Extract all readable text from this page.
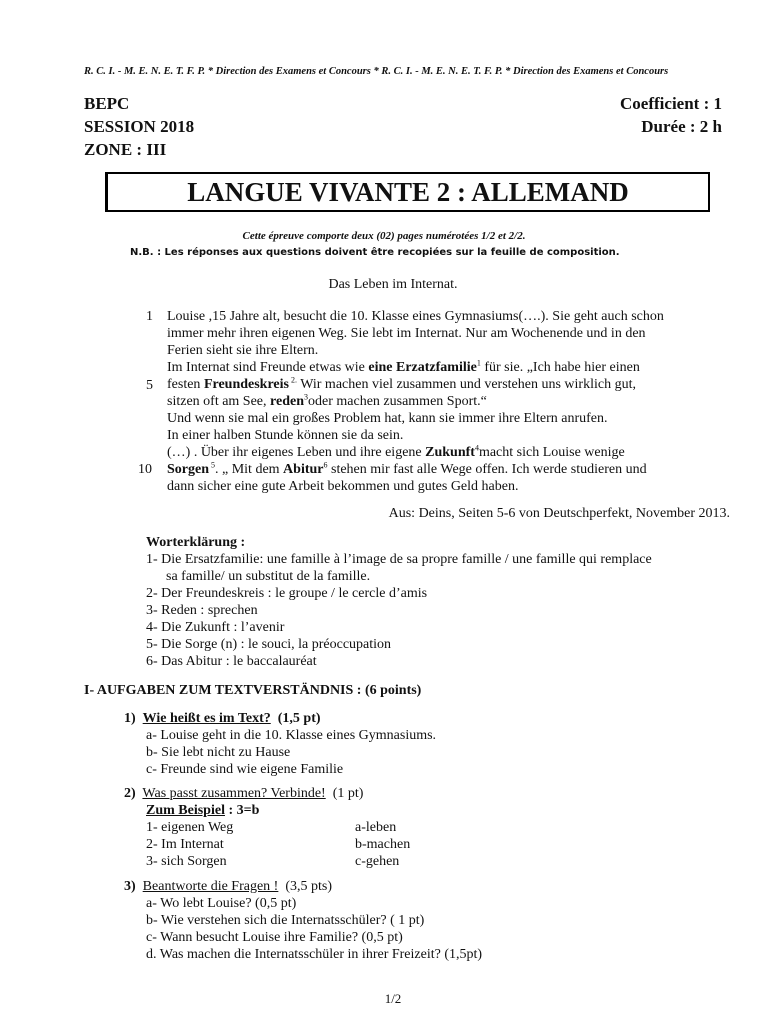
R. C. I. - M. E. N. E. T. F. P. * Direction des Examens et Concours * R. C. I. - M. E. N. E. T. F. P. * Direction des Examens et Concours
BEPC
SESSION 2018
ZONE : III
Coefficient : 1
Durée : 2 h
LANGUE VIVANTE 2 : ALLEMAND
Cette épreuve comporte deux (02) pages numérotées 1/2 et 2/2.
N.B. : Les réponses aux questions doivent être recopiées sur la feuille de composition.
Das Leben im Internat.
1
5
10
Louise ,15 Jahre alt, besucht die 10. Klasse eines Gymnasiums(….). Sie geht auch schon
immer mehr ihren eigenen Weg. Sie lebt im Internat. Nur am Wochenende und in den
Ferien sieht sie ihre Eltern.
Im Internat sind Freunde etwas wie eine Erzatzfamilie$^1$ für sie. „Ich habe hier einen
festen Freundeskreis $^{2.}$ Wir machen viel zusammen und verstehen uns wirklich gut,
sitzen oft am See, reden$^3$oder machen zusammen Sport.“
Und wenn sie mal ein großes Problem hat, kann sie immer ihre Eltern anrufen.
In einer halben Stunde können sie da sein.
(…) . Über ihr eigenes Leben und ihre eigene Zukunft$^4$macht sich Louise wenige
Sorgen $^5$. „ Mit dem Abitur$^6$ stehen mir fast alle Wege offen. Ich werde studieren und
dann sicher eine gute Arbeit bekommen und gutes Geld haben.
Aus: Deins, Seiten 5-6 von Deutschperfekt, November 2013.
Worterklärung :
1- Die Ersatzfamilie: une famille à l’image de sa propre famille / une famille qui remplace
sa famille/ un substitut de la famille.
2- Der Freundeskreis : le groupe / le cercle d’amis
3- Reden : sprechen
4- Die Zukunft : l’avenir
5- Die Sorge (n) : le souci, la préoccupation
6- Das Abitur : le baccalauréat
I- AUFGABEN ZUM TEXTVERSTÄNDNIS : (6 points)
1) Wie heißt es im Text? (1,5 pt)
a- Louise geht in die 10. Klasse eines Gymnasiums.
b- Sie lebt nicht zu Hause
c- Freunde sind wie eigene Familie
2) Was passt zusammen? Verbinde! (1 pt)
Zum Beispiel : 3=b
1- eigenen Weg
2- Im Internat
3- sich Sorgen
a-leben
b-machen
c-gehen
3) Beantworte die Fragen ! (3,5 pts)
a- Wo lebt Louise? (0,5 pt)
b- Wie verstehen sich die Internatsschüler? ( 1 pt)
c- Wann besucht Louise ihre Familie? (0,5 pt)
d. Was machen die Internatsschüler in ihrer Freizeit? (1,5pt)
1/2
